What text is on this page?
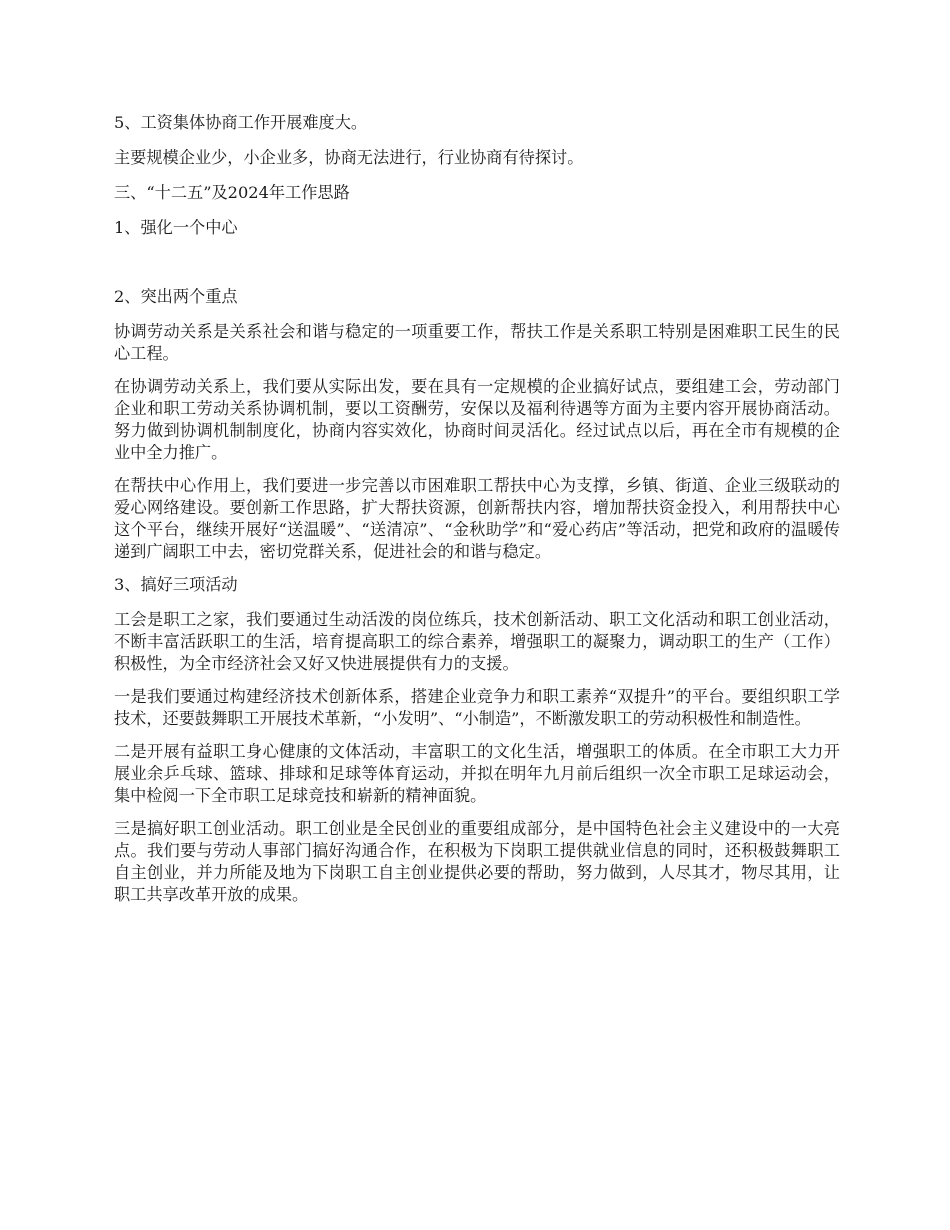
5、工资集体协商工作开展难度大。

主要规模企业少，小企业多，协商无法进行，行业协商有待探讨。

三、“十二五”及2024年工作思路

1、强化一个中心

2、突出两个重点

协调劳动关系是关系社会和谐与稳定的一项重要工作，帮扶工作是关系职工特别是困难职工民生的民心工程。

在协调劳动关系上，我们要从实际出发，要在具有一定规模的企业搞好试点，要组建工会，劳动部门企业和职工劳动关系协调机制，要以工资酬劳，安保以及福利待遇等方面为主要内容开展协商活动。努力做到协调机制制度化，协商内容实效化，协商时间灵活化。经过试点以后，再在全市有规模的企业中全力推广。

在帮扶中心作用上，我们要进一步完善以市困难职工帮扶中心为支撑，乡镇、街道、企业三级联动的爱心网络建设。要创新工作思路，扩大帮扶资源，创新帮扶内容，增加帮扶资金投入，利用帮扶中心这个平台，继续开展好“送温暖”、“送清凉”、“金秋助学”和“爱心药店”等活动，把党和政府的温暖传递到广阔职工中去，密切党群关系，促进社会的和谐与稳定。

3、搞好三项活动

工会是职工之家，我们要通过生动活泼的岗位练兵，技术创新活动、职工文化活动和职工创业活动，不断丰富活跃职工的生活，培育提高职工的综合素养，增强职工的凝聚力，调动职工的生产（工作）积极性，为全市经济社会又好又快进展提供有力的支援。

一是我们要通过构建经济技术创新体系，搭建企业竞争力和职工素养“双提升”的平台。要组织职工学技术，还要鼓舞职工开展技术革新，“小发明”、“小制造”，不断激发职工的劳动积极性和制造性。

二是开展有益职工身心健康的文体活动，丰富职工的文化生活，增强职工的体质。在全市职工大力开展业余乒乓球、篮球、排球和足球等体育运动，并拟在明年九月前后组织一次全市职工足球运动会，集中检阅一下全市职工足球竞技和崭新的精神面貌。

三是搞好职工创业活动。职工创业是全民创业的重要组成部分，是中国特色社会主义建设中的一大亮点。我们要与劳动人事部门搞好沟通合作，在积极为下岗职工提供就业信息的同时，还积极鼓舞职工自主创业，并力所能及地为下岗职工自主创业提供必要的帮助，努力做到，人尽其才，物尽其用，让职工共享改革开放的成果。
